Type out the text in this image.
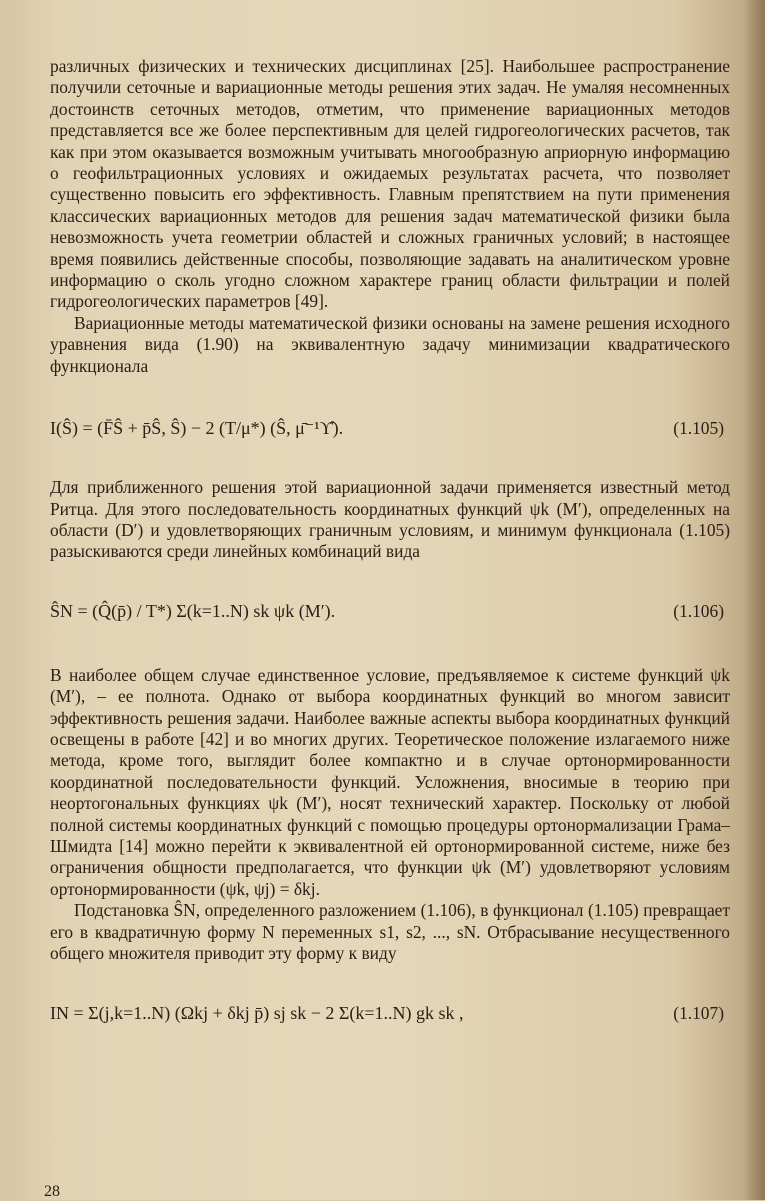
различных физических и технических дисциплинах [25]. Наибольшее распространение получили сеточные и вариационные методы решения этих задач. Не умаляя несомненных достоинств сеточных методов, отметим, что применение вариационных методов представляется все же более перспективным для целей гидрогеологических расчетов, так как при этом оказывается возможным учитывать многообразную априорную информацию о геофильтрационных условиях и ожидаемых результатах расчета, что позволяет существенно повысить его эффективность. Главным препятствием на пути применения классических вариационных методов для решения задач математической физики была невозможность учета геометрии областей и сложных граничных условий; в настоящее время появились действенные способы, позволяющие задавать на аналитическом уровне информацию о сколь угодно сложном характере границ области фильтрации и полей гидрогеологических параметров [49].

Вариационные методы математической физики основаны на замене решения исходного уравнения вида (1.90) на эквивалентную задачу минимизации квадратического функционала

I(Ŝ) = (F̄Ŝ + p̄Ŝ, Ŝ) − 2 (T/μ*) (Ŝ, μ̄⁻¹ϒ̂).	(1.105)

Для приближенного решения этой вариационной задачи применяется известный метод Ритца. Для этого последовательность координатных функций ψk (M′), определенных на области (D′) и удовлетворяющих граничным условиям, и минимум функционала (1.105) разыскиваются среди линейных комбинаций вида

ŜN = (Q̂(p̄) / T*) Σ(k=1..N) sk ψk (M′).	(1.106)

В наиболее общем случае единственное условие, предъявляемое к системе функций ψk (M′), – ее полнота. Однако от выбора координатных функций во многом зависит эффективность решения задачи. Наиболее важные аспекты выбора координатных функций освещены в работе [42] и во многих других. Теоретическое положение излагаемого ниже метода, кроме того, выглядит более компактно и в случае ортонормированности координатной последовательности функций. Усложнения, вносимые в теорию при неортогональных функциях ψk (M′), носят технический характер. Поскольку от любой полной системы координатных функций с помощью процедуры ортонормализации Грама–Шмидта [14] можно перейти к эквивалентной ей ортонормированной системе, ниже без ограничения общности предполагается, что функции ψk (M′) удовлетворяют условиям ортонормированности (ψk, ψj) = δkj.

Подстановка ŜN, определенного разложением (1.106), в функционал (1.105) превращает его в квадратичную форму N переменных s1, s2, ..., sN. Отбрасывание несущественного общего множителя приводит эту форму к виду

IN = Σ(j,k=1..N) (Ωkj + δkj p̄) sj sk − 2 Σ(k=1..N) gk sk ,	(1.107)
28
